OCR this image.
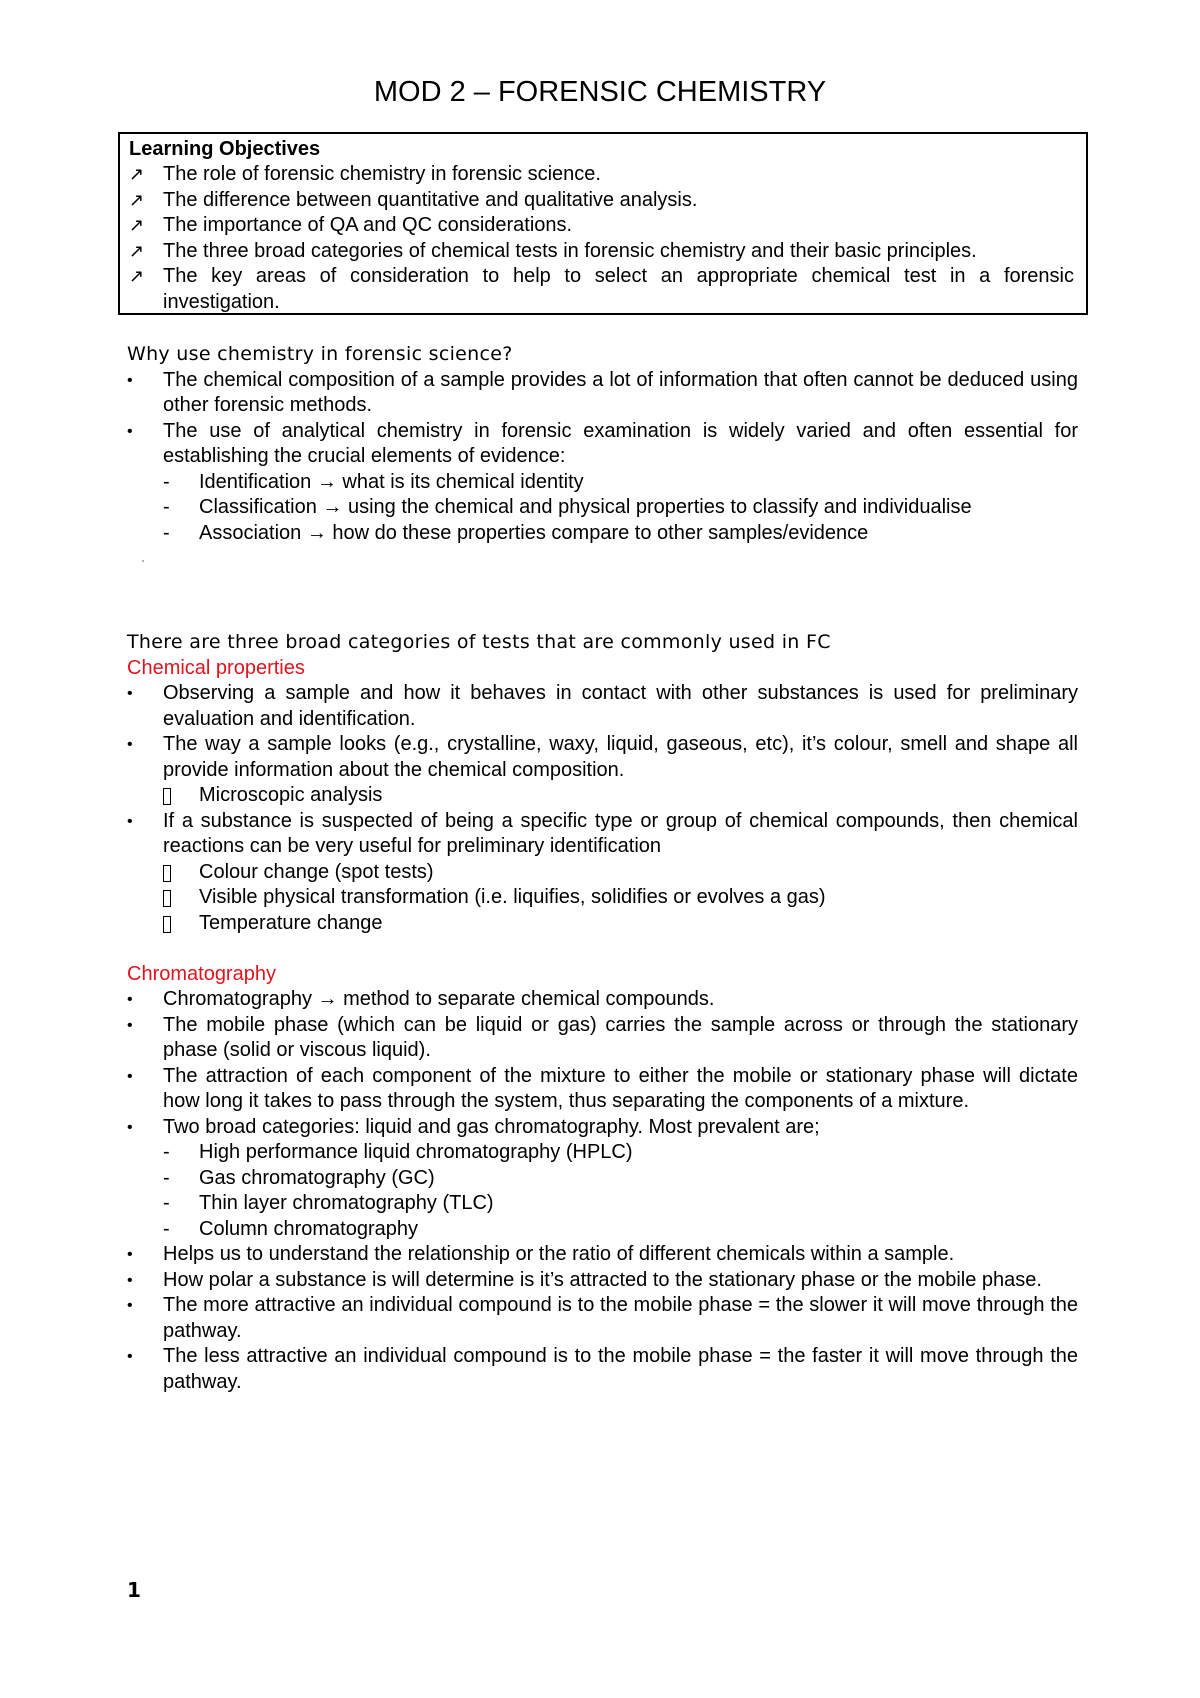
MOD 2 – FORENSIC CHEMISTRY
Learning Objectives
↗ The role of forensic chemistry in forensic science.
↗ The difference between quantitative and qualitative analysis.
↗ The importance of QA and QC considerations.
↗ The three broad categories of chemical tests in forensic chemistry and their basic principles.
↗ The key areas of consideration to help to select an appropriate chemical test in a forensic investigation.
Why use chemistry in forensic science?
• The chemical composition of a sample provides a lot of information that often cannot be deduced using other forensic methods.
• The use of analytical chemistry in forensic examination is widely varied and often essential for establishing the crucial elements of evidence:
- Identification → what is its chemical identity
- Classification → using the chemical and physical properties to classify and individualise
- Association → how do these properties compare to other samples/evidence
There are three broad categories of tests that are commonly used in FC
Chemical properties
• Observing a sample and how it behaves in contact with other substances is used for preliminary evaluation and identification.
• The way a sample looks (e.g., crystalline, waxy, liquid, gaseous, etc), it’s colour, smell and shape all provide information about the chemical composition.
Microscopic analysis
• If a substance is suspected of being a specific type or group of chemical compounds, then chemical reactions can be very useful for preliminary identification
Colour change (spot tests)
Visible physical transformation (i.e. liquifies, solidifies or evolves a gas)
Temperature change
Chromatography
• Chromatography → method to separate chemical compounds.
• The mobile phase (which can be liquid or gas) carries the sample across or through the stationary phase (solid or viscous liquid).
• The attraction of each component of the mixture to either the mobile or stationary phase will dictate how long it takes to pass through the system, thus separating the components of a mixture.
• Two broad categories: liquid and gas chromatography. Most prevalent are;
- High performance liquid chromatography (HPLC)
- Gas chromatography (GC)
- Thin layer chromatography (TLC)
- Column chromatography
• Helps us to understand the relationship or the ratio of different chemicals within a sample.
• How polar a substance is will determine is it’s attracted to the stationary phase or the mobile phase.
• The more attractive an individual compound is to the mobile phase = the slower it will move through the pathway.
• The less attractive an individual compound is to the mobile phase = the faster it will move through the pathway.
1
